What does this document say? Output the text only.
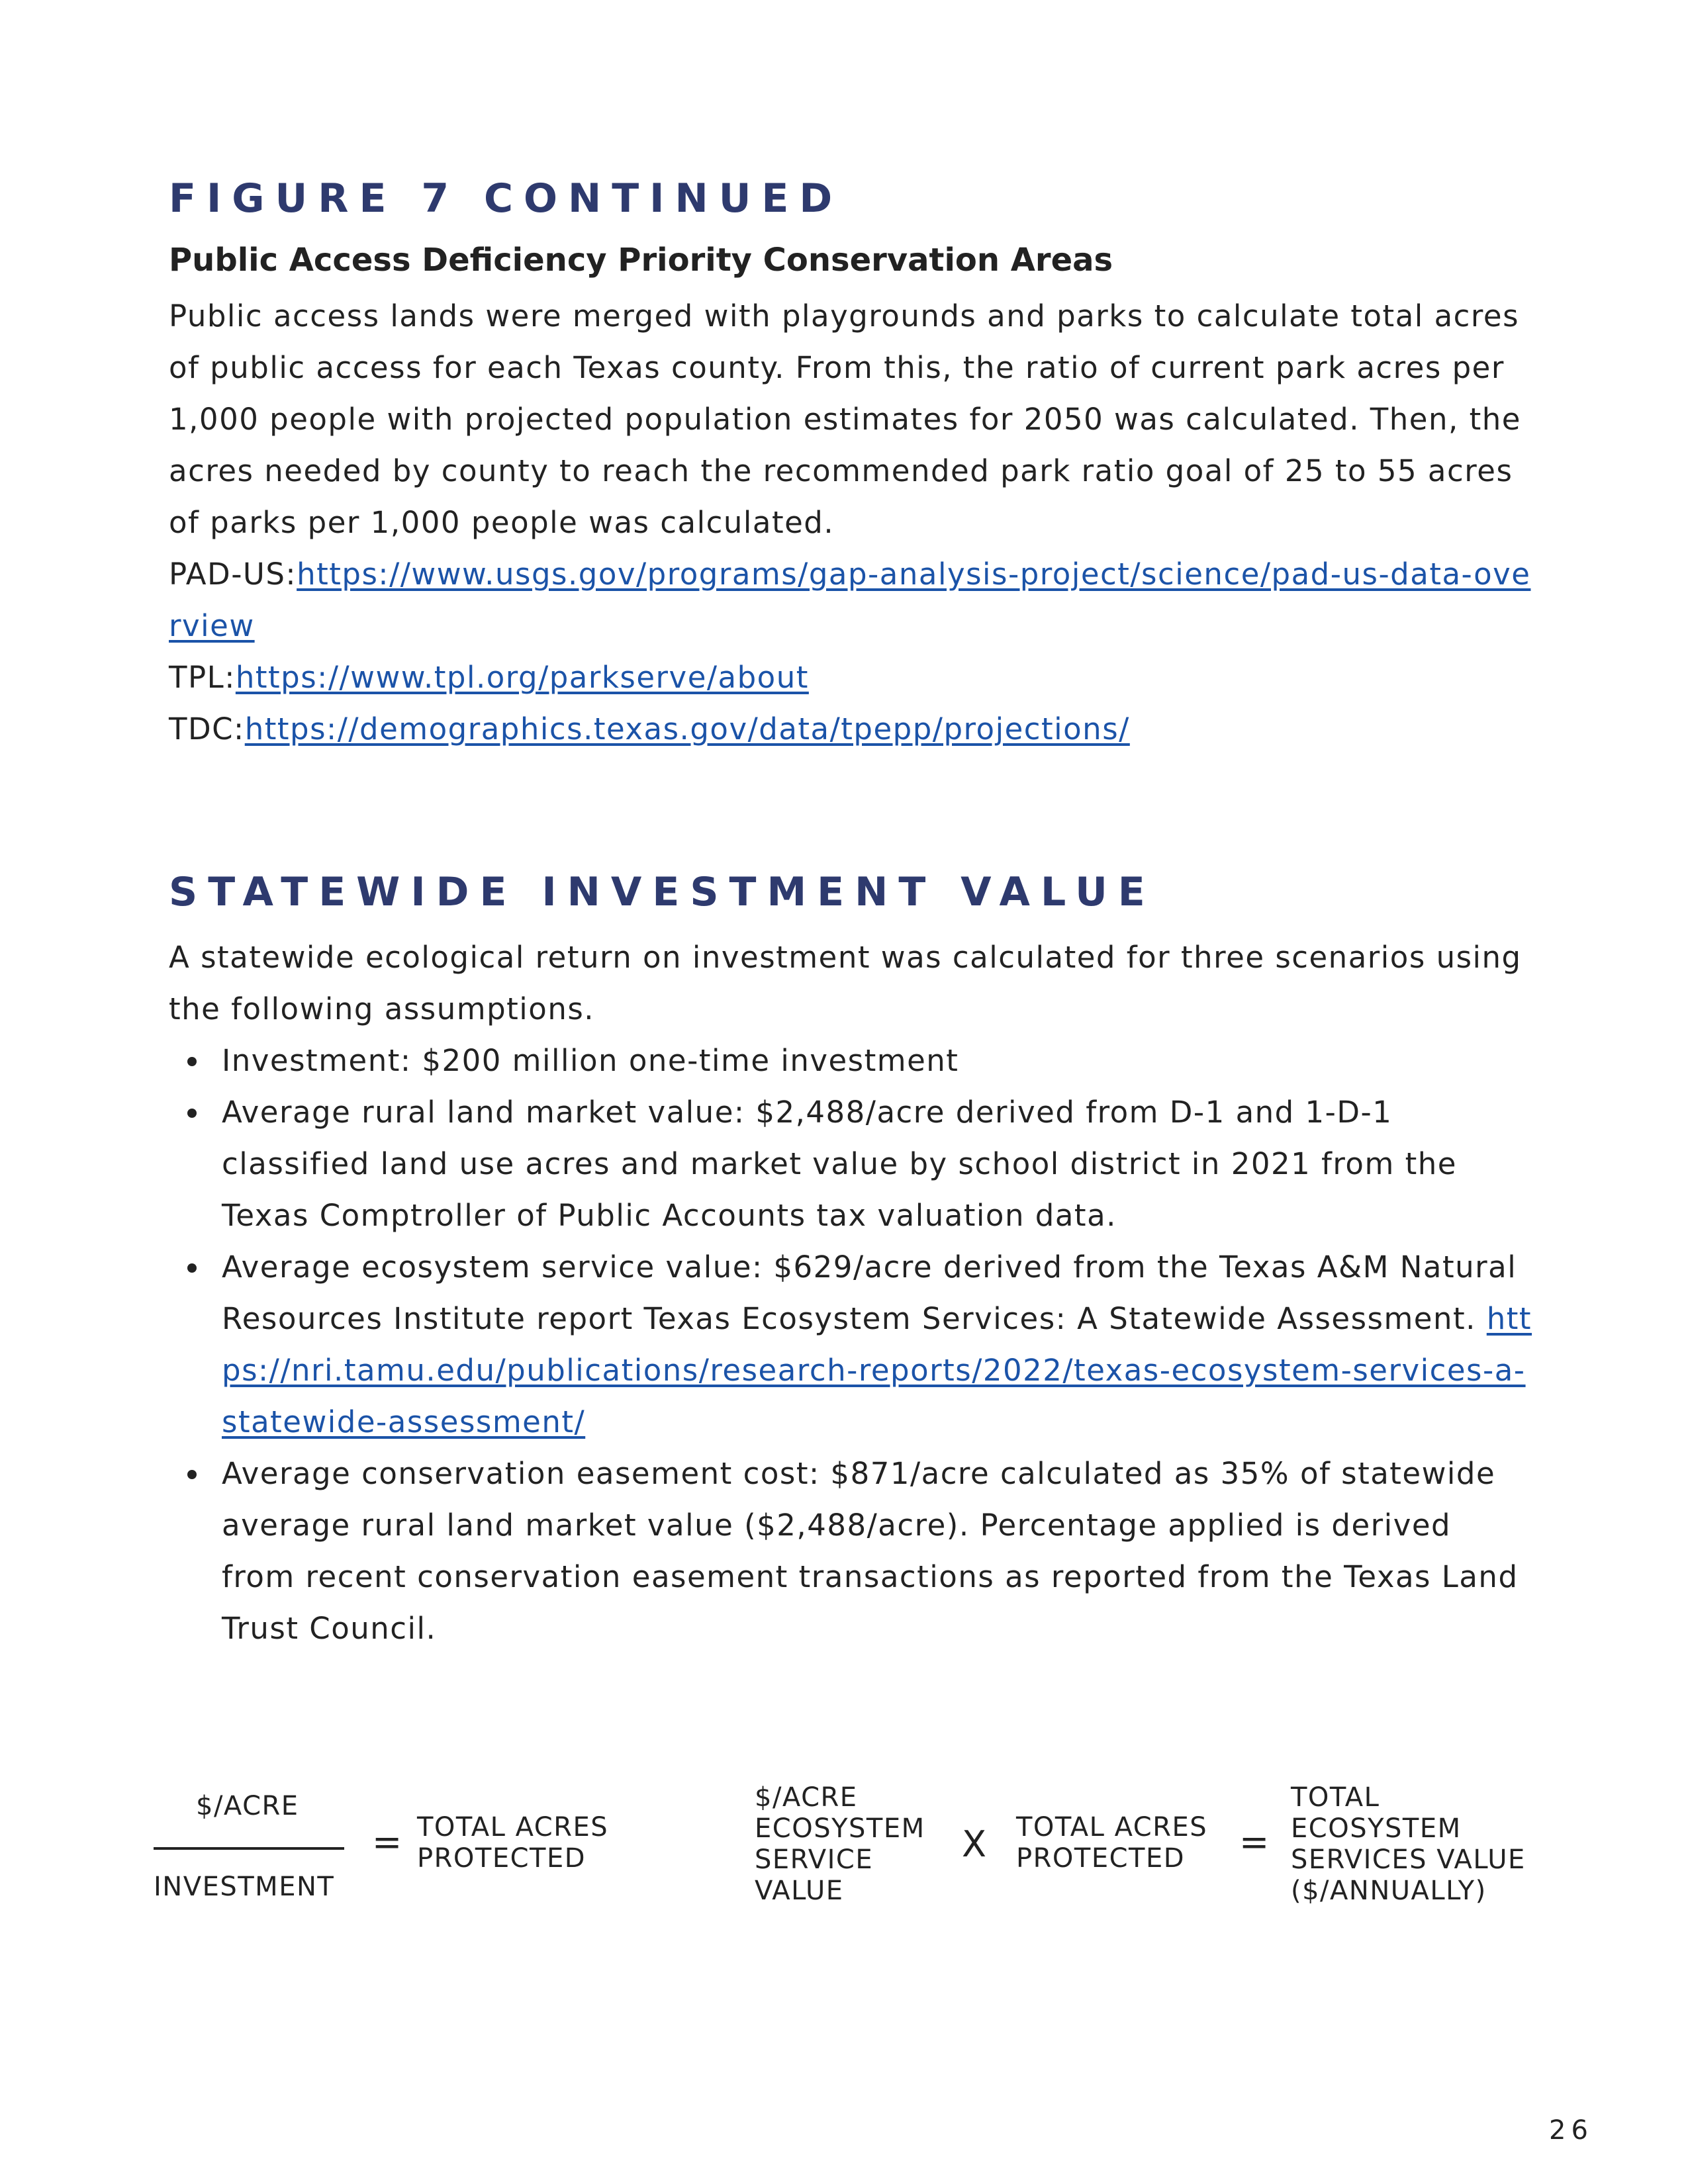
FIGURE 7 CONTINUED
Public Access Deficiency Priority Conservation Areas

Public access lands were merged with playgrounds and parks to calculate total acres of public access for each Texas county. From this, the ratio of current park acres per 1,000 people with projected population estimates for 2050 was calculated. Then, the acres needed by county to reach the recommended park ratio goal of 25 to 55 acres of parks per 1,000 people was calculated.

PAD-US:https://www.usgs.gov/programs/gap-analysis-project/science/pad-us-data-overview
TPL:https://www.tpl.org/parkserve/about
TDC:https://demographics.texas.gov/data/tpepp/projections/
STATEWIDE INVESTMENT VALUE

A statewide ecological return on investment was calculated for three scenarios using the following assumptions.

Investment: $200 million one-time investment
Average rural land market value: $2,488/acre derived from D-1 and 1-D-1 classified land use acres and market value by school district in 2021 from the Texas Comptroller of Public Accounts tax valuation data.
Average ecosystem service value: $629/acre derived from the Texas A&M Natural Resources Institute report Texas Ecosystem Services: A Statewide Assessment. https://nri.tamu.edu/publications/research-reports/2022/texas-ecosystem-services-a-statewide-assessment/
Average conservation easement cost: $871/acre calculated as 35% of statewide average rural land market value ($2,488/acre). Percentage applied is derived from recent conservation easement transactions as reported from the Texas Land Trust Council.
$/ACRE
INVESTMENT
= TOTAL ACRES
PROTECTED
$/ACRE
ECOSYSTEM
SERVICE
VALUE
X TOTAL ACRES
PROTECTED	=
TOTAL
ECOSYSTEM
SERVICES VALUE
($/ANNUALLY)
26
